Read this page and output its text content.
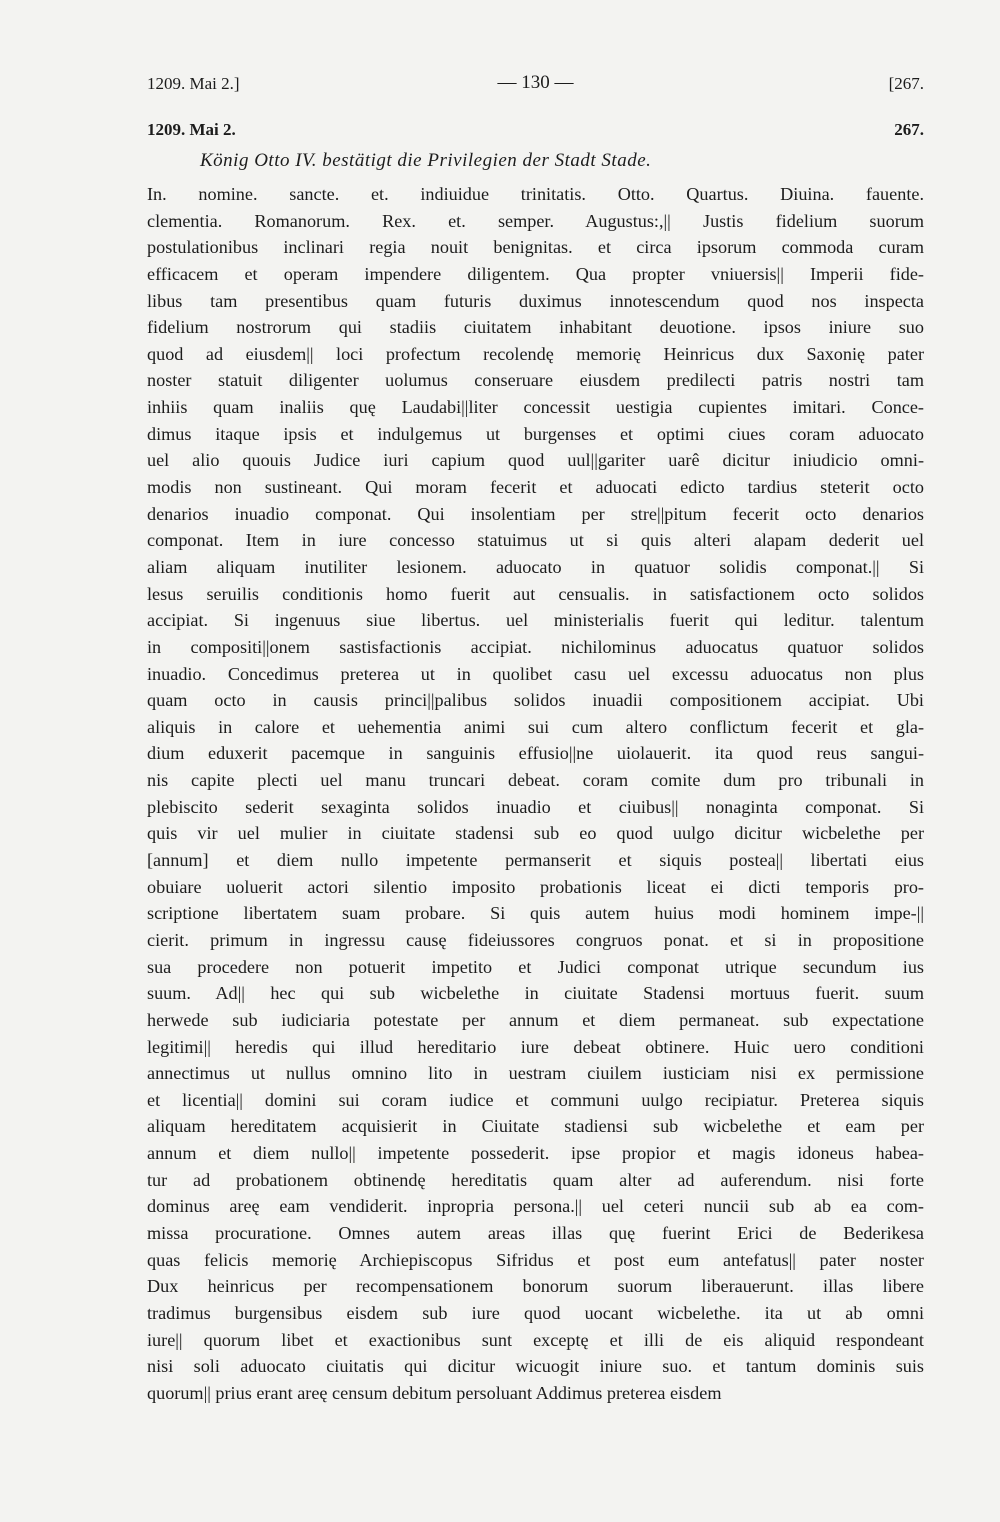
1209. Mai 2.]	— 130 —	[267.
1209. Mai 2.	267.
König Otto IV. bestätigt die Privilegien der Stadt Stade.
In. nomine. sancte. et. indiuidue trinitatis. Otto. Quartus. Diuina. fauente.
clementia. Romanorum. Rex. et. semper. Augustus:,|| Justis fidelium suorum
postulationibus inclinari regia nouit benignitas. et circa ipsorum commoda curam
efficacem et operam impendere diligentem. Qua propter vniuersis|| Imperii fide-
libus tam presentibus quam futuris duximus innotescendum quod nos inspecta
fidelium nostrorum qui stadiis ciuitatem inhabitant deuotione. ipsos iniure suo
quod ad eiusdem|| loci profectum recolendę memorię Heinricus dux Saxonię pater
noster statuit diligenter uolumus conseruare eiusdem predilecti patris nostri tam
inhiis quam inaliis quę Laudabi||liter concessit uestigia cupientes imitari. Conce-
dimus itaque ipsis et indulgemus ut burgenses et optimi ciues coram aduocato
uel alio quouis Judice iuri capium quod uul||gariter uarê dicitur iniudicio omni-
modis non sustineant. Qui moram fecerit et aduocati edicto tardius steterit octo
denarios inuadio componat. Qui insolentiam per stre||pitum fecerit octo denarios
componat. Item in iure concesso statuimus ut si quis alteri alapam dederit uel
aliam aliquam inutiliter lesionem. aduocato in quatuor solidis componat.|| Si
lesus seruilis conditionis homo fuerit aut censualis. in satisfactionem octo solidos
accipiat. Si ingenuus siue libertus. uel ministerialis fuerit qui leditur. talentum
in compositi||onem sastisfactionis accipiat. nichilominus aduocatus quatuor solidos
inuadio. Concedimus preterea ut in quolibet casu uel excessu aduocatus non plus
quam octo in causis princi||palibus solidos inuadii compositionem accipiat. Ubi
aliquis in calore et uehementia animi sui cum altero conflictum fecerit et gla-
dium eduxerit pacemque in sanguinis effusio||ne uiolauerit. ita quod reus sangui-
nis capite plecti uel manu truncari debeat. coram comite dum pro tribunali in
plebiscito sederit sexaginta solidos inuadio et ciuibus|| nonaginta componat. Si
quis vir uel mulier in ciuitate stadensi sub eo quod uulgo dicitur wicbelethe per
[annum] et diem nullo impetente permanserit et siquis postea|| libertati eius
obuiare uoluerit actori silentio imposito probationis liceat ei dicti temporis pro-
scriptione libertatem suam probare. Si quis autem huius modi hominem impe-||
cierit. primum in ingressu causę fideiussores congruos ponat. et si in propositione
sua procedere non potuerit impetito et Judici componat utrique secundum ius
suum. Ad|| hec qui sub wicbelethe in ciuitate Stadensi mortuus fuerit. suum
herwede sub iudiciaria potestate per annum et diem permaneat. sub expectatione
legitimi|| heredis qui illud hereditario iure debeat obtinere. Huic uero conditioni
annectimus ut nullus omnino lito in uestram ciuilem iusticiam nisi ex permissione
et licentia|| domini sui coram iudice et communi uulgo recipiatur. Preterea siquis
aliquam hereditatem acquisierit in Ciuitate stadiensi sub wicbelethe et eam per
annum et diem nullo|| impetente possederit. ipse propior et magis idoneus habea-
tur ad probationem obtinendę hereditatis quam alter ad auferendum. nisi forte
dominus areę eam vendiderit. inpropria persona.|| uel ceteri nuncii sub ab ea com-
missa procuratione. Omnes autem areas illas quę fuerint Erici de Bederikesa
quas felicis memorię Archiepiscopus Sifridus et post eum antefatus|| pater noster
Dux heinricus per recompensationem bonorum suorum liberauerunt. illas libere
tradimus burgensibus eisdem sub iure quod uocant wicbelethe. ita ut ab omni
iure|| quorum libet et exactionibus sunt exceptę et illi de eis aliquid respondeant
nisi soli aduocato ciuitatis qui dicitur wicuogit iniure suo. et tantum dominis suis
quorum|| prius erant areę censum debitum persoluant Addimus preterea eisdem
